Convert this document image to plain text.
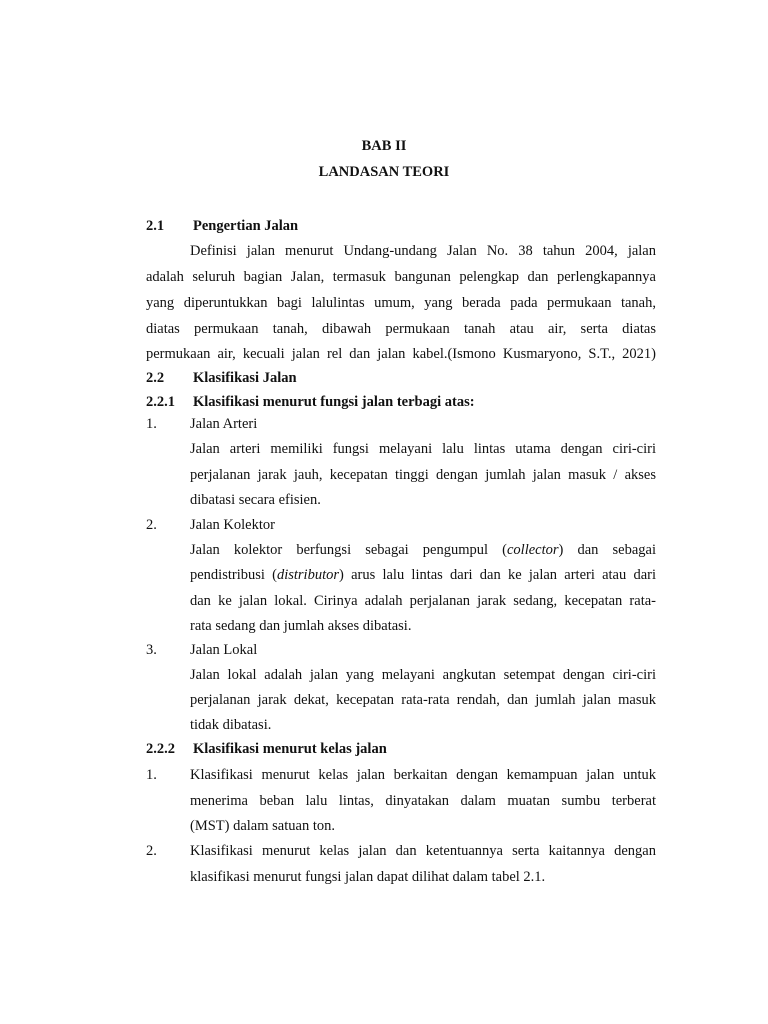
BAB II
LANDASAN TEORI
2.1 Pengertian Jalan
Definisi jalan menurut Undang-undang Jalan No. 38 tahun 2004, jalan
adalah seluruh bagian Jalan, termasuk bangunan pelengkap dan perlengkapannya
yang diperuntukkan bagi lalulintas umum, yang berada pada permukaan tanah,
diatas permukaan tanah, dibawah permukaan tanah atau air, serta diatas
permukaan air, kecuali jalan rel dan jalan kabel.(Ismono Kusmaryono, S.T., 2021)
2.2 Klasifikasi Jalan
2.2.1 Klasifikasi menurut fungsi jalan terbagi atas:
1. Jalan Arteri
Jalan arteri memiliki fungsi melayani lalu lintas utama dengan ciri-ciri
perjalanan jarak jauh, kecepatan tinggi dengan jumlah jalan masuk / akses
dibatasi secara efisien.
2. Jalan Kolektor
Jalan kolektor berfungsi sebagai pengumpul (collector) dan sebagai
pendistribusi (distributor) arus lalu lintas dari dan ke jalan arteri atau dari
dan ke jalan lokal. Cirinya adalah perjalanan jarak sedang, kecepatan rata-
rata sedang dan jumlah akses dibatasi.
3. Jalan Lokal
Jalan lokal adalah jalan yang melayani angkutan setempat dengan ciri-ciri
perjalanan jarak dekat, kecepatan rata-rata rendah, dan jumlah jalan masuk
tidak dibatasi.
2.2.2 Klasifikasi menurut kelas jalan
1. Klasifikasi menurut kelas jalan berkaitan dengan kemampuan jalan untuk
menerima beban lalu lintas, dinyatakan dalam muatan sumbu terberat
(MST) dalam satuan ton.
2. Klasifikasi menurut kelas jalan dan ketentuannya serta kaitannya dengan
klasifikasi menurut fungsi jalan dapat dilihat dalam tabel 2.1.
